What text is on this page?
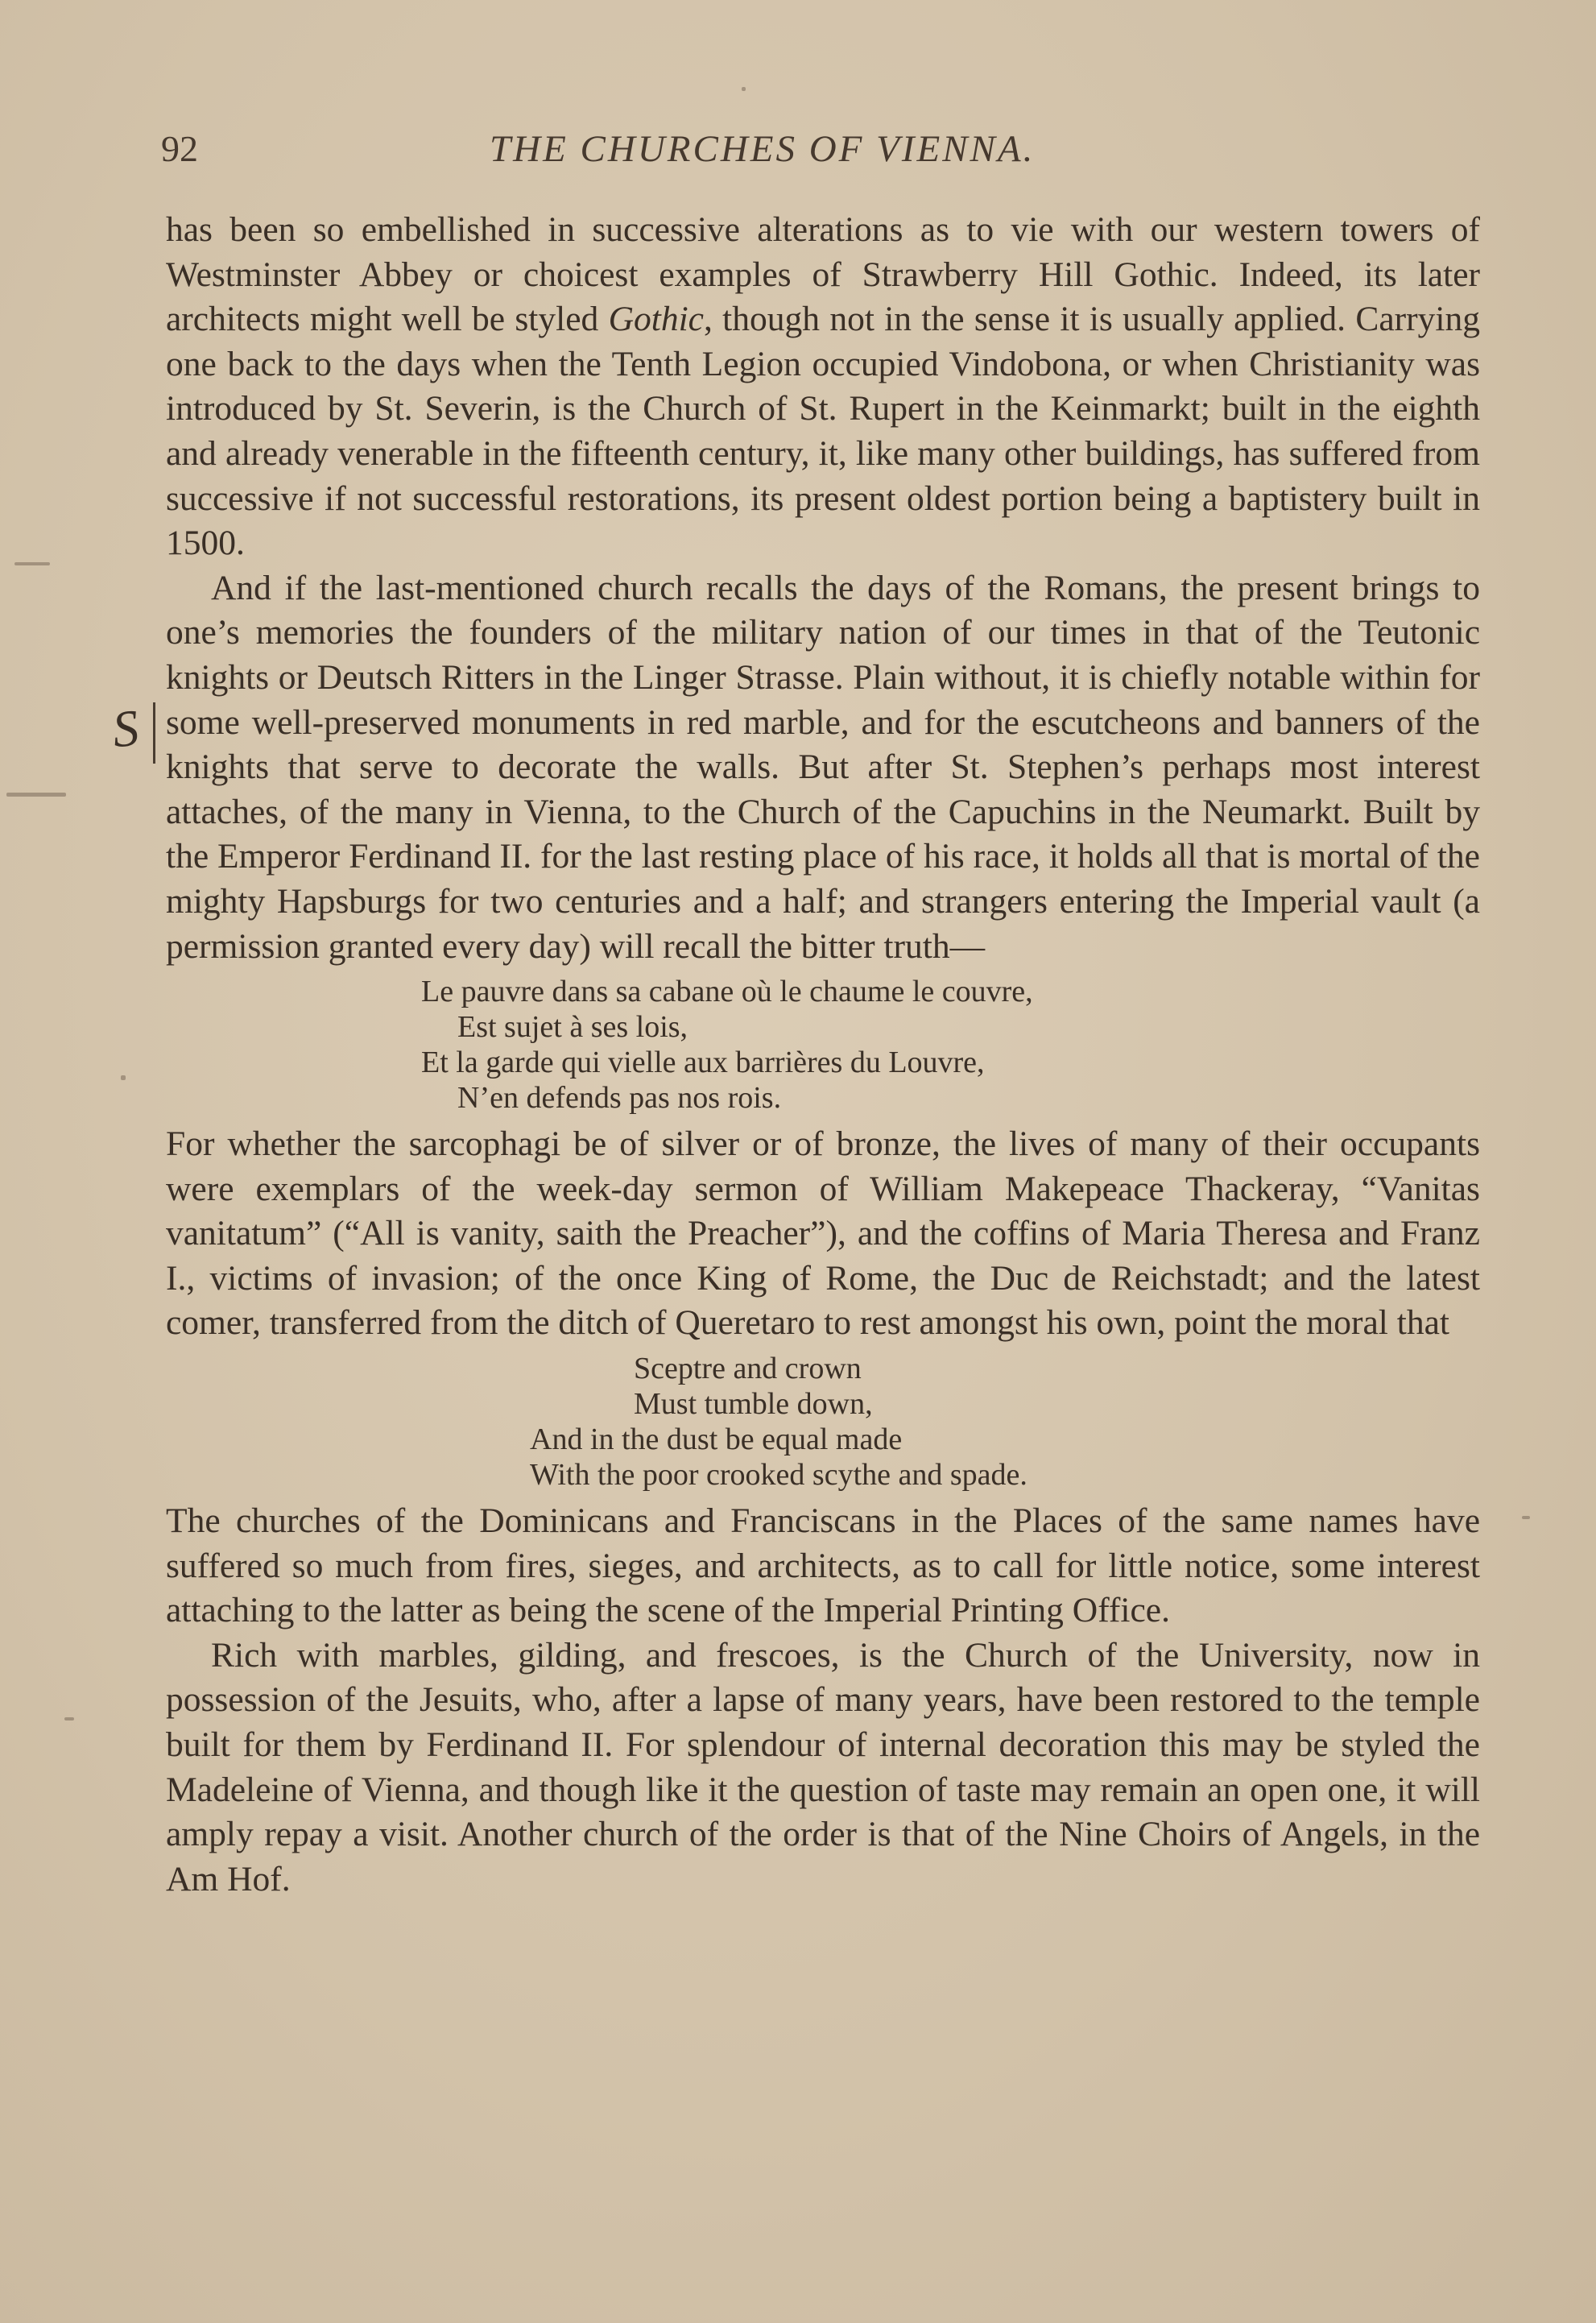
92	THE CHURCHES OF VIENNA.
S

has been so embellished in successive alterations as to vie with our western towers of Westminster Abbey or choicest examples of Strawberry Hill Gothic. Indeed, its later architects might well be styled Gothic, though not in the sense it is usually applied. Carrying one back to the days when the Tenth Legion occupied Vindobona, or when Christianity was introduced by St. Severin, is the Church of St. Rupert in the Keinmarkt; built in the eighth and already venerable in the fifteenth century, it, like many other buildings, has suffered from successive if not successful restorations, its present oldest portion being a baptistery built in 1500.

And if the last-mentioned church recalls the days of the Romans, the present brings to one’s memories the founders of the military nation of our times in that of the Teutonic knights or Deutsch Ritters in the Linger Strasse. Plain without, it is chiefly notable within for some well-preserved monuments in red marble, and for the escutcheons and banners of the knights that serve to decorate the walls. But after St. Stephen’s perhaps most interest attaches, of the many in Vienna, to the Church of the Capuchins in the Neumarkt. Built by the Emperor Ferdinand II. for the last resting place of his race, it holds all that is mortal of the mighty Hapsburgs for two centuries and a half; and strangers entering the Imperial vault (a permission granted every day) will recall the bitter truth—

Le pauvre dans sa cabane où le chaume le couvre,
Est sujet à ses lois,
Et la garde qui vielle aux barrières du Louvre,
N’en defends pas nos rois.

For whether the sarcophagi be of silver or of bronze, the lives of many of their occupants were exemplars of the week-day sermon of William Makepeace Thackeray, “Vanitas vanitatum” (“All is vanity, saith the Preacher”), and the coffins of Maria Theresa and Franz I., victims of invasion; of the once King of Rome, the Duc de Reichstadt; and the latest comer, transferred from the ditch of Queretaro to rest amongst his own, point the moral that

Sceptre and crown
Must tumble down,
And in the dust be equal made
With the poor crooked scythe and spade.

The churches of the Dominicans and Franciscans in the Places of the same names have suffered so much from fires, sieges, and architects, as to call for little notice, some interest attaching to the latter as being the scene of the Imperial Printing Office.

Rich with marbles, gilding, and frescoes, is the Church of the University, now in possession of the Jesuits, who, after a lapse of many years, have been restored to the temple built for them by Ferdinand II. For splendour of internal decoration this may be styled the Madeleine of Vienna, and though like it the question of taste may remain an open one, it will amply repay a visit. Another church of the order is that of the Nine Choirs of Angels, in the Am Hof.
